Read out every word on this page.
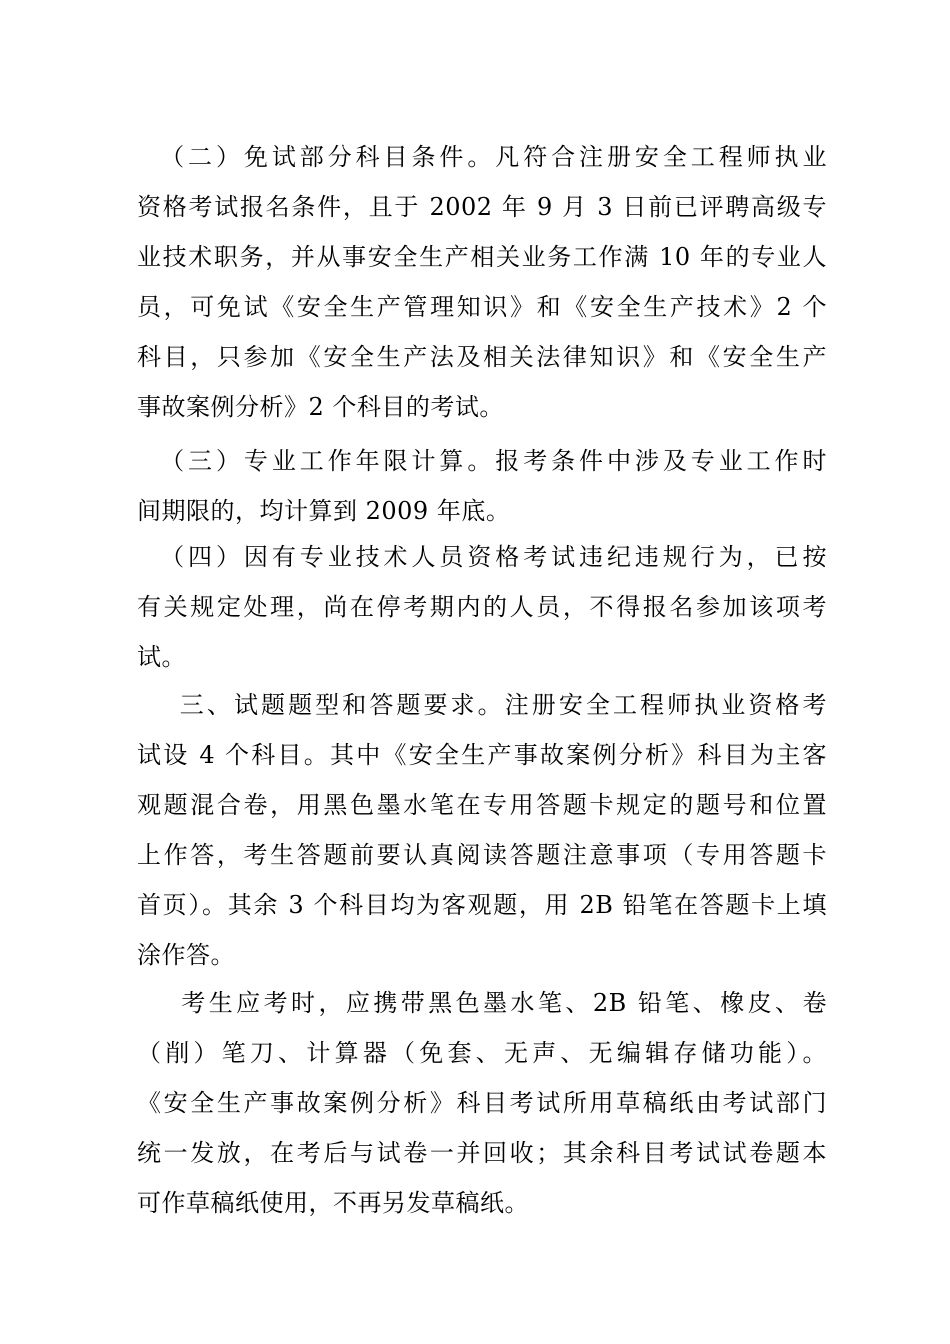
（二）免试部分科目条件。凡符合注册安全工程师执业
资格考试报名条件，且于 2002 年 9 月 3 日前已评聘高级专
业技术职务，并从事安全生产相关业务工作满 10 年的专业人
员，可免试《安全生产管理知识》和《安全生产技术》2 个
科目，只参加《安全生产法及相关法律知识》和《安全生产
事故案例分析》2 个科目的考试。
（三）专业工作年限计算。报考条件中涉及专业工作时
间期限的，均计算到 2009 年底。
（四）因有专业技术人员资格考试违纪违规行为，已按
有关规定处理，尚在停考期内的人员，不得报名参加该项考
试。
三、试题题型和答题要求。注册安全工程师执业资格考
试设 4 个科目。其中《安全生产事故案例分析》科目为主客
观题混合卷，用黑色墨水笔在专用答题卡规定的题号和位置
上作答，考生答题前要认真阅读答题注意事项（专用答题卡
首页）。其余 3 个科目均为客观题，用 2B 铅笔在答题卡上填
涂作答。
考生应考时，应携带黑色墨水笔、2B 铅笔、橡皮、卷
（削）笔刀、计算器（免套、无声、无编辑存储功能）。
《安全生产事故案例分析》科目考试所用草稿纸由考试部门
统一发放，在考后与试卷一并回收；其余科目考试试卷题本
可作草稿纸使用，不再另发草稿纸。
